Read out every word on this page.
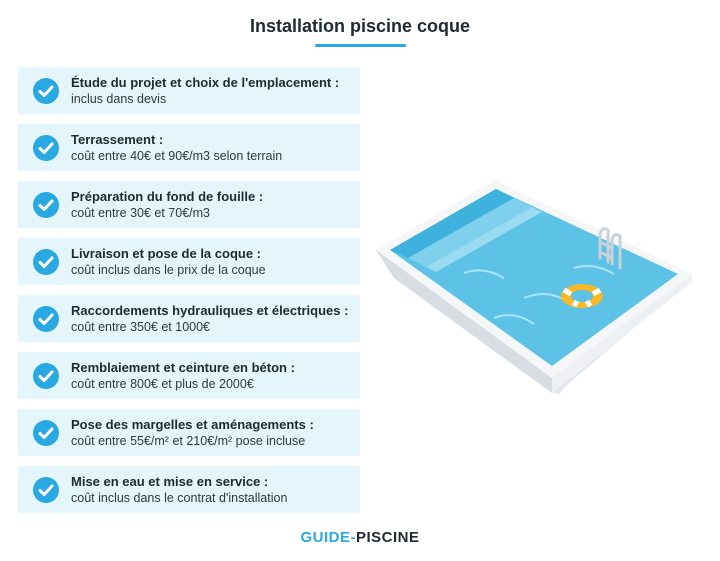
Installation piscine coque
Étude du projet et choix de l'emplacement :
inclus dans devis
Terrassement :
coût entre 40€ et 90€/m3 selon terrain
Préparation du fond de fouille :
coût entre 30€ et 70€/m3
Livraison et pose de la coque :
coût inclus dans le prix de la coque
Raccordements hydrauliques et électriques :
coût entre 350€ et 1000€
Remblaiement et ceinture en béton :
coût entre 800€ et plus de 2000€
Pose des margelles et aménagements :
coût entre 55€/m² et 210€/m² pose incluse
Mise en eau et mise en service :
coût inclus dans le contrat d'installation
GUIDE-PISCINE
